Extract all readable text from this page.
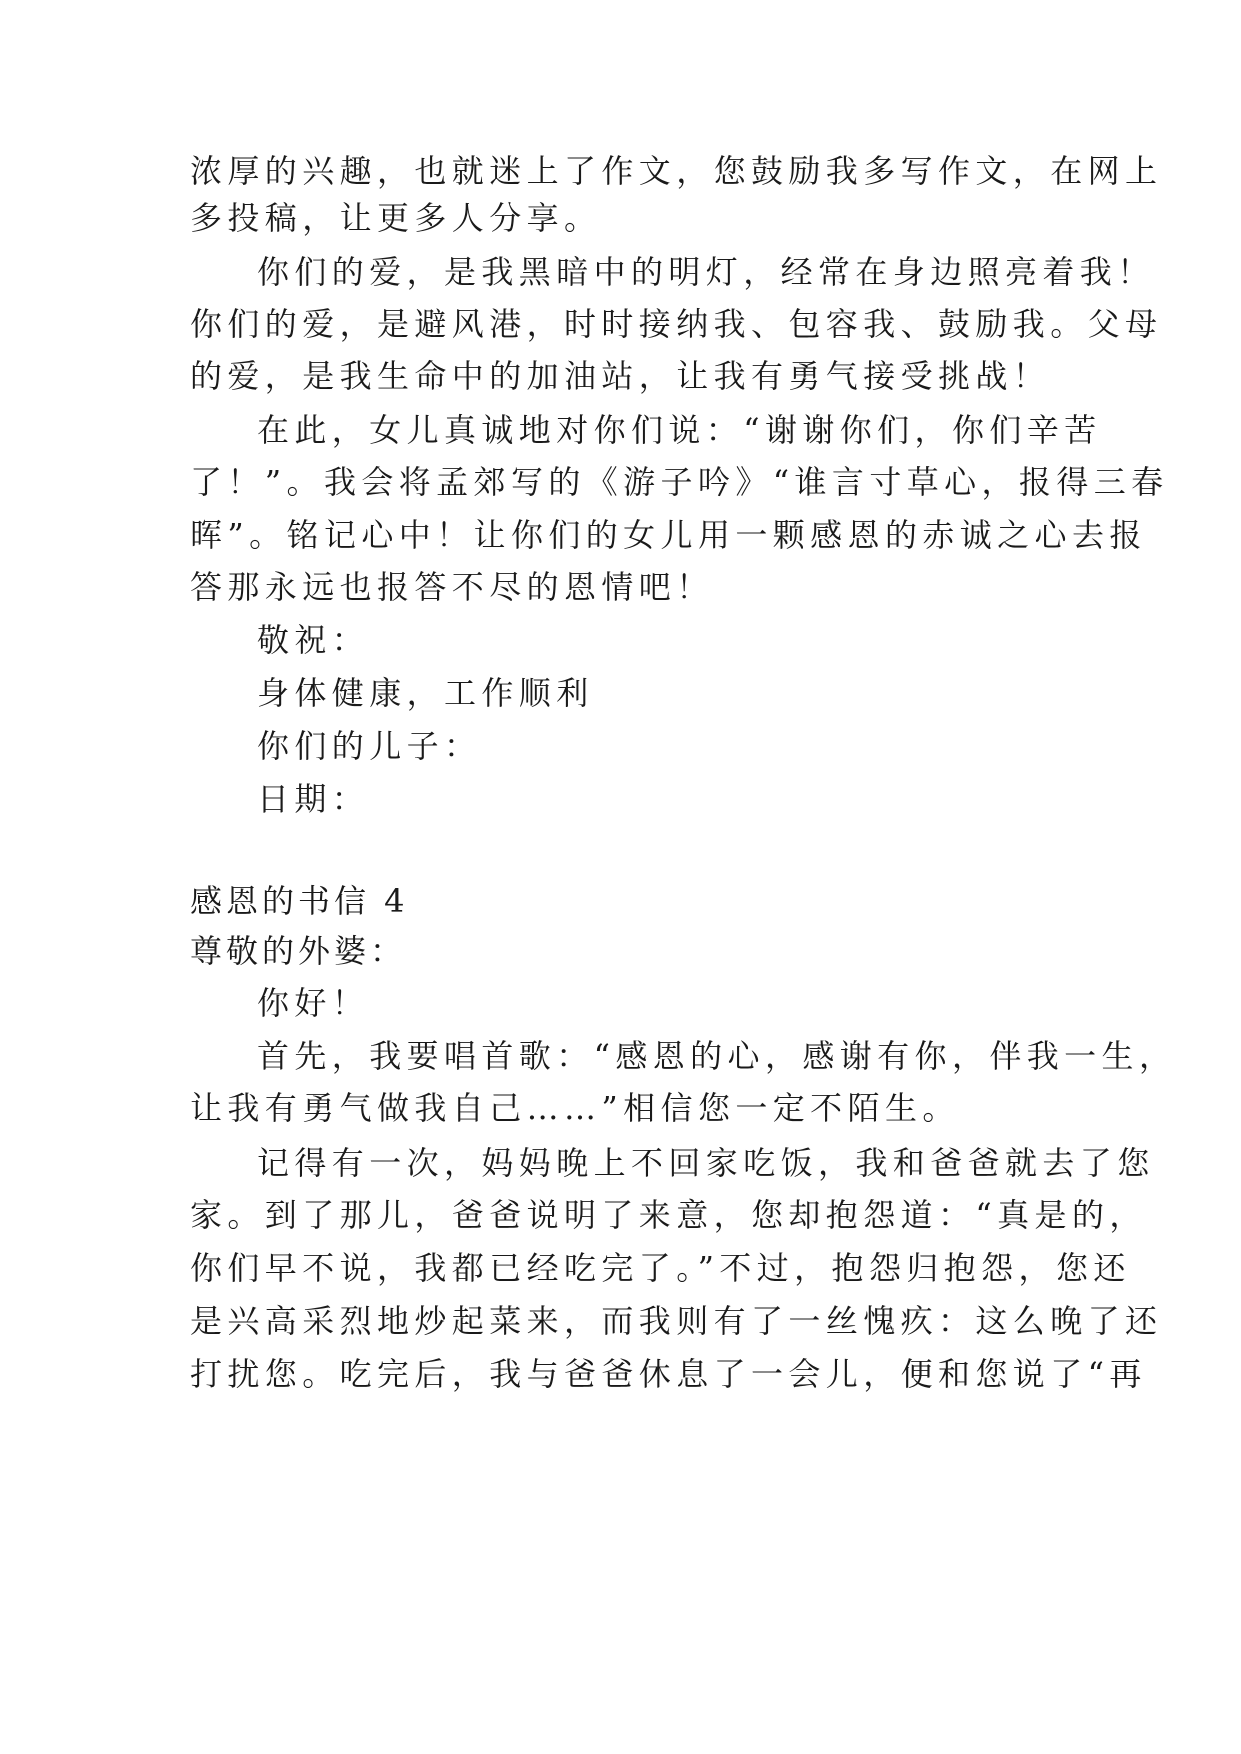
浓厚的兴趣，也就迷上了作文，您鼓励我多写作文，在网上
多投稿，让更多人分享。
你们的爱，是我黑暗中的明灯，经常在身边照亮着我！
你们的爱，是避风港，时时接纳我、包容我、鼓励我。父母
的爱，是我生命中的加油站，让我有勇气接受挑战！
在此，女儿真诚地对你们说：“谢谢你们，你们辛苦
了！”。我会将孟郊写的《游子吟》“谁言寸草心，报得三春
晖”。铭记心中！让你们的女儿用一颗感恩的赤诚之心去报
答那永远也报答不尽的恩情吧！
敬祝：
身体健康，工作顺利
你们的儿子：
日期：
感恩的书信 4
尊敬的外婆：
你好！
首先，我要唱首歌：“感恩的心，感谢有你，伴我一生，
让我有勇气做我自己……”相信您一定不陌生。
记得有一次，妈妈晚上不回家吃饭，我和爸爸就去了您
家。到了那儿，爸爸说明了来意，您却抱怨道：“真是的，
你们早不说，我都已经吃完了。”不过，抱怨归抱怨，您还
是兴高采烈地炒起菜来，而我则有了一丝愧疚：这么晚了还
打扰您。吃完后，我与爸爸休息了一会儿，便和您说了“再
